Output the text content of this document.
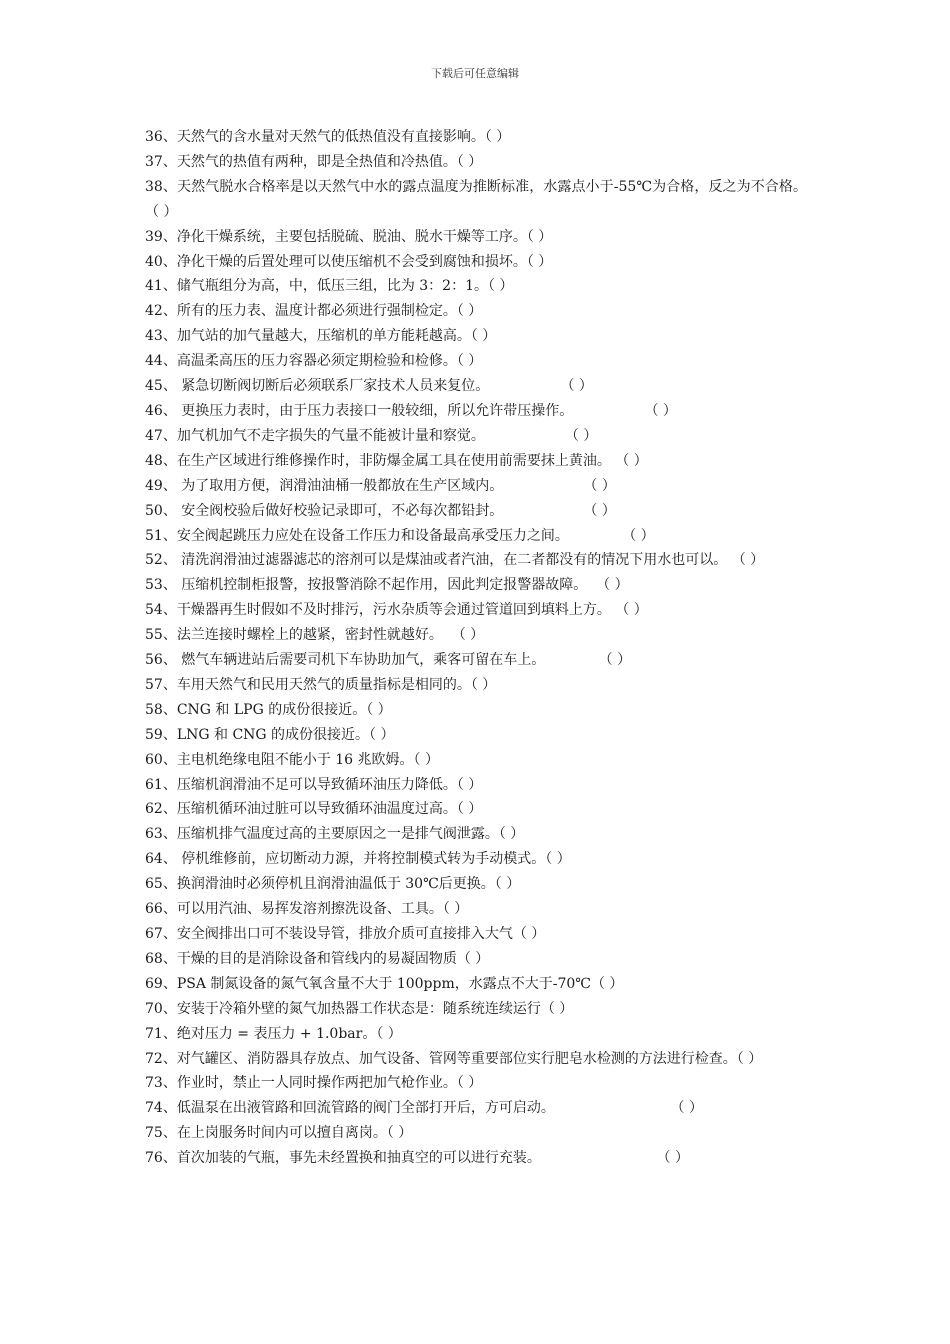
下载后可任意编辑

36、天然气的含水量对天然气的低热值没有直接影响。（ ）

37、天然气的热值有两种，即是全热值和冷热值。（ ）

38、天然气脱水合格率是以天然气中水的露点温度为推断标准，水露点小于-55℃为合格，反之为不合格。（ ）

39、净化干燥系统，主要包括脱硫、脱油、脱水干燥等工序。（ ）

40、净化干燥的后置处理可以使压缩机不会受到腐蚀和损坏。（ ）

41、储气瓶组分为高，中，低压三组，比为 3：2：1。（ ）

42、所有的压力表、温度计都必须进行强制检定。（ ）

43、加气站的加气量越大，压缩机的单方能耗越高。（ ）

44、高温柔高压的压力容器必须定期检验和检修。（ ）

45、 紧急切断阀切断后必须联系厂家技术人员来复位。                （ ）

46、 更换压力表时，由于压力表接口一般较细，所以允许带压操作。                （ ）

47、加气机加气不走字损失的气量不能被计量和察觉。                  （ ）

48、在生产区域进行维修操作时，非防爆金属工具在使用前需要抹上黄油。 （ ）

49、 为了取用方便，润滑油油桶一般都放在生产区域内。                  （ ）

50、 安全阀校验后做好校验记录即可，不必每次都铅封。                  （ ）

51、安全阀起跳压力应处在设备工作压力和设备最高承受压力之间。            （ ）

52、 清洗润滑油过滤器滤芯的溶剂可以是煤油或者汽油，在二者都没有的情况下用水也可以。 （ ）

53、 压缩机控制柜报警，按报警消除不起作用，因此判定报警器故障。  （ ）

54、干燥器再生时假如不及时排污，污水杂质等会通过管道回到填料上方。 （ ）

55、法兰连接时螺栓上的越紧，密封性就越好。  （ ）

56、 燃气车辆进站后需要司机下车协助加气，乘客可留在车上。            （ ）

57、车用天然气和民用天然气的质量指标是相同的。（ ）

58、CNG 和 LPG 的成份很接近。（ ）

59、LNG 和 CNG 的成份很接近。（ ）

60、主电机绝缘电阻不能小于 16 兆欧姆。（ ）

61、压缩机润滑油不足可以导致循环油压力降低。（ ）

62、压缩机循环油过脏可以导致循环油温度过高。（ ）

63、压缩机排气温度过高的主要原因之一是排气阀泄露。（ ）

64、 停机维修前，应切断动力源，并将控制模式转为手动模式。（ ）

65、换润滑油时必须停机且润滑油温低于 30℃后更换。（ ）

66、可以用汽油、易挥发溶剂擦洗设备、工具。（ ）

67、安全阀排出口可不装设导管，排放介质可直接排入大气（ ）

68、干燥的目的是消除设备和管线内的易凝固物质（ ）

69、PSA 制氮设备的氮气氧含量不大于 100ppm，水露点不大于-70℃（ ）

70、安装于冷箱外壁的氮气加热器工作状态是：随系统连续运行（ ）

71、绝对压力 = 表压力 + 1.0bar。（ ）

72、对气罐区、消防器具存放点、加气设备、管网等重要部位实行肥皂水检测的方法进行检查。（ ）

73、作业时，禁止一人同时操作两把加气枪作业。（ ）

74、低温泵在出液管路和回流管路的阀门全部打开后，方可启动。                          （ ）

75、在上岗服务时间内可以擅自离岗。（ ）

76、首次加装的气瓶，事先未经置换和抽真空的可以进行充装。                          （ ）
